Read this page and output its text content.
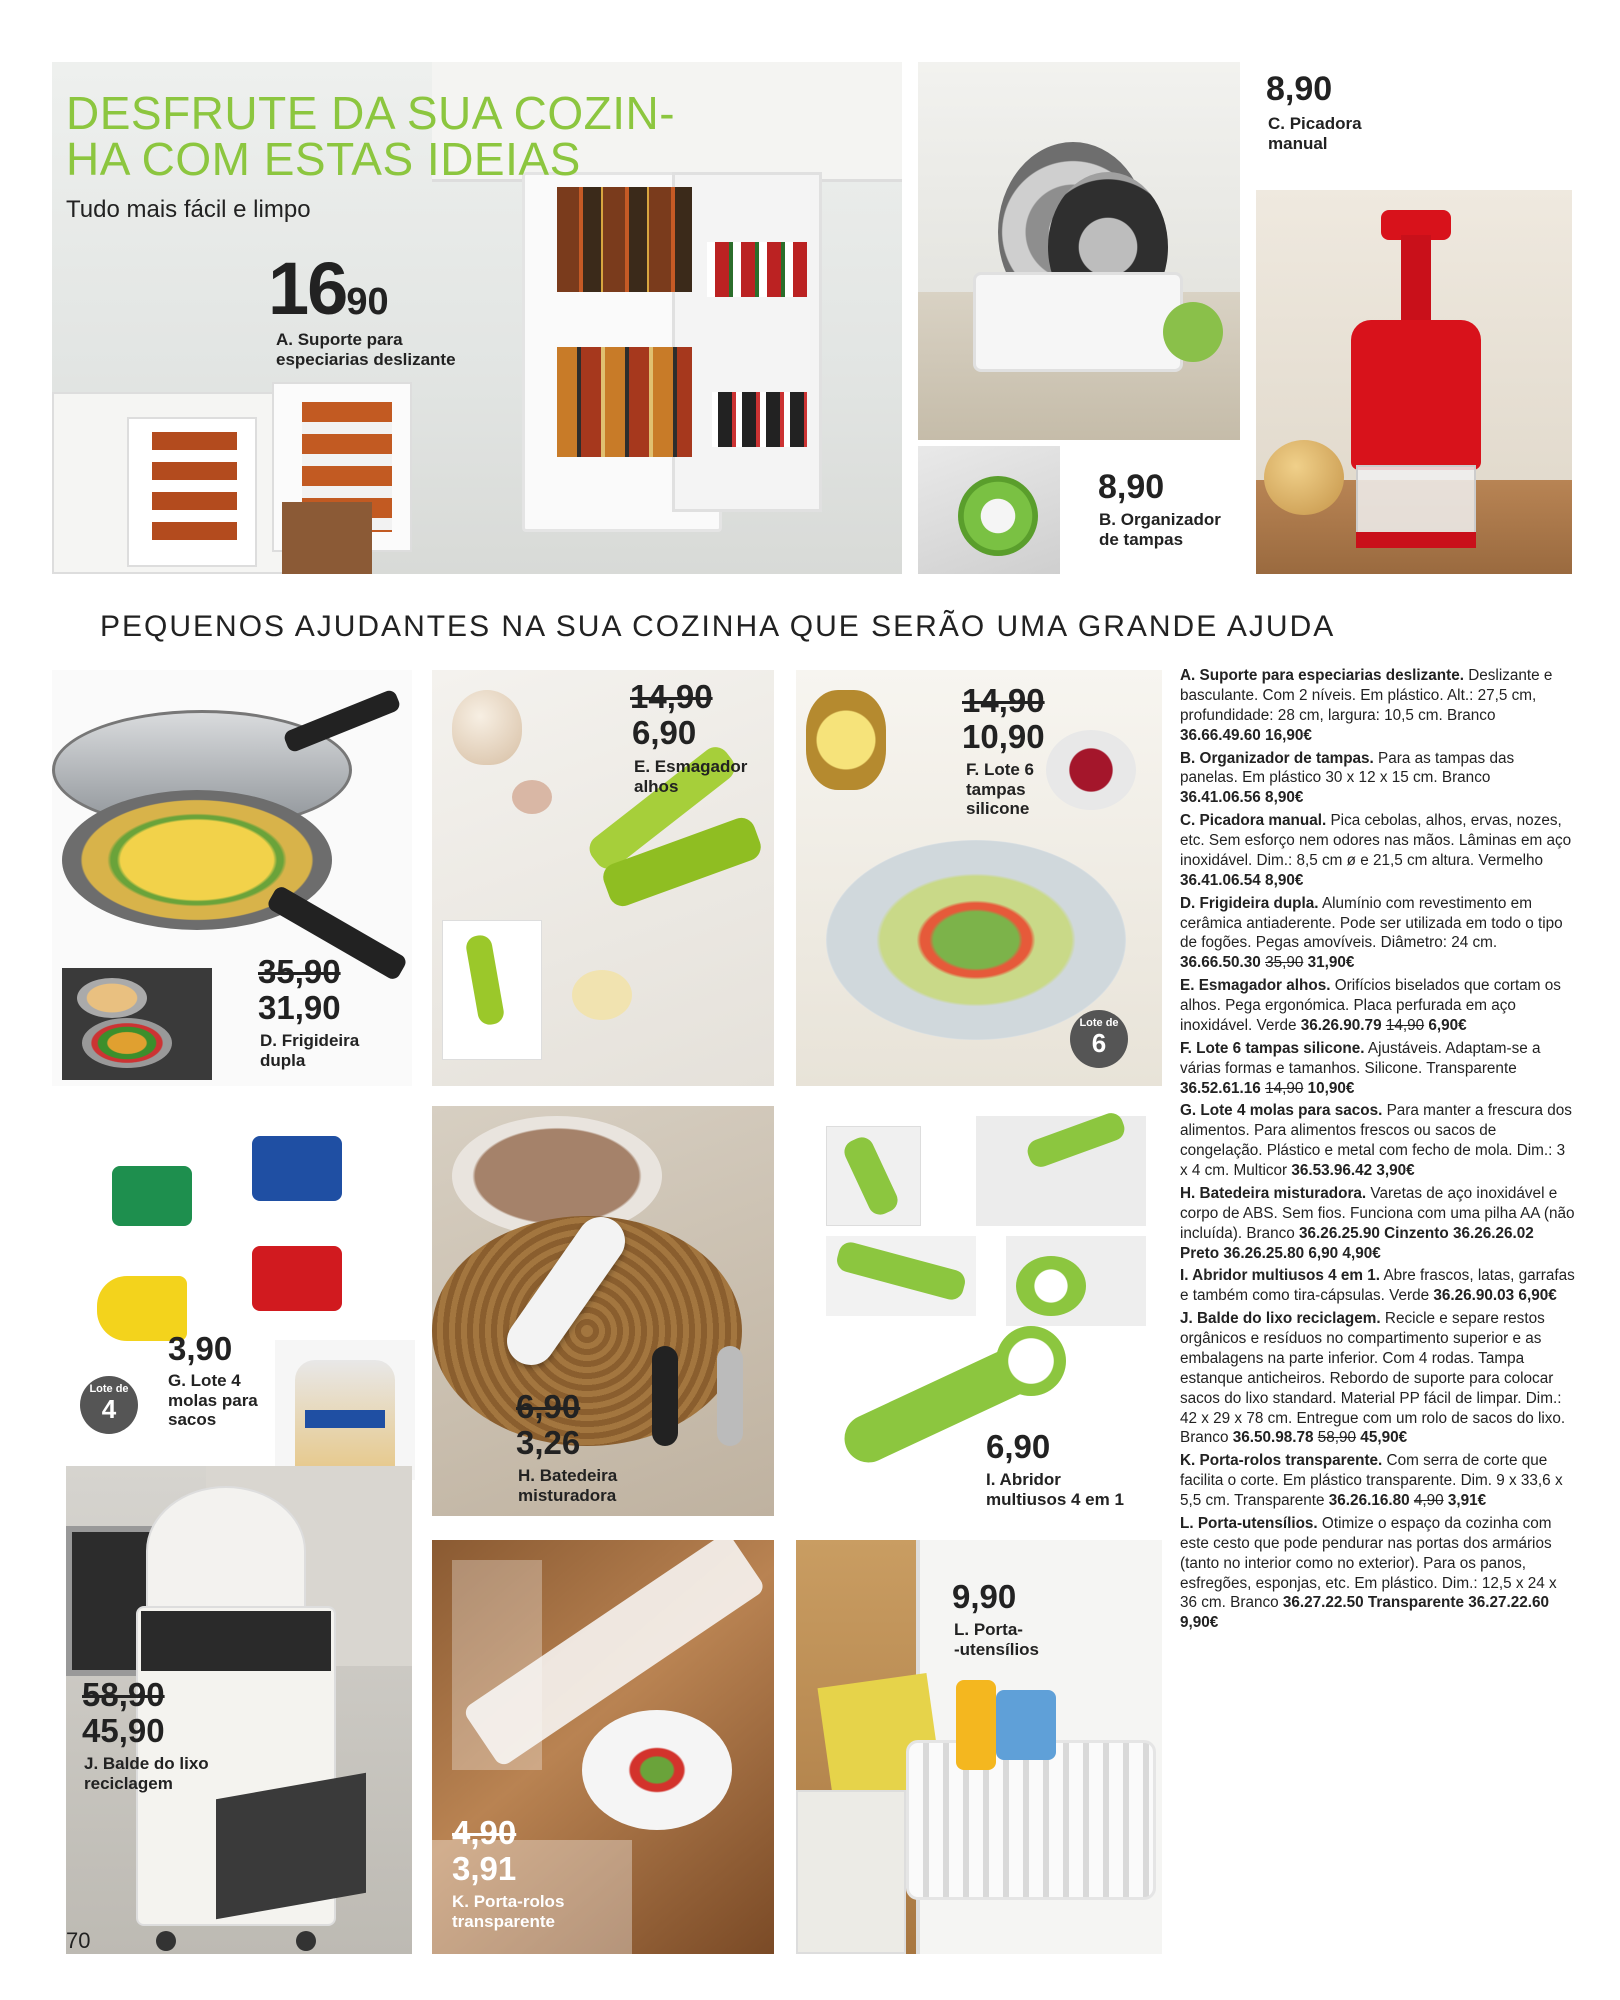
DESFRUTE DA SUA COZIN-
HA COM ESTAS IDEIAS
Tudo mais fácil e limpo
1690
A. Suporte para
especiarias deslizante
8,90
B. Organizador
de tampas
8,90
C. Picadora
manual
PEQUENOS AJUDANTES NA SUA COZINHA QUE SERÃO UMA GRANDE AJUDA
35,90
31,90
D. Frigideira
dupla
14,90
6,90
E. Esmagador
alhos
Lote de
6
14,90
10,90
F. Lote 6
tampas
silicone
Lote de
4
3,90
G. Lote 4
molas para
sacos	6,90
3,26
H. Batedeira
misturadora
6,90
I. Abridor
multiusos 4 em 1
58,90
45,90
J. Balde do lixo
reciclagem
4,90
3,91
K. Porta-rolos
transparente
9,90
L. Porta-
-utensílios
70

A. Suporte para especiarias deslizante. Deslizante e basculante. Com 2 níveis. Em plástico. Alt.: 27,5 cm, profundidade: 28 cm, largura: 10,5 cm. Branco 36.66.49.60 16,90€

B. Organizador de tampas. Para as tampas das panelas. Em plástico 30 x 12 x 15 cm. Branco 36.41.06.56 8,90€

C. Picadora manual. Pica cebolas, alhos, ervas, nozes, etc. Sem esforço nem odores nas mãos. Lâminas em aço inoxidável. Dim.: 8,5 cm ø e 21,5 cm altura. Vermelho 36.41.06.54 8,90€

D. Frigideira dupla. Alumínio com revestimento em cerâmica antiaderente. Pode ser utilizada em todo o tipo de fogões. Pegas amovíveis. Diâmetro: 24 cm. 36.66.50.30 35,90 31,90€

E. Esmagador alhos. Orifícios biselados que cortam os alhos. Pega ergonómica. Placa perfurada em aço inoxidável. Verde 36.26.90.79 14,90 6,90€

F. Lote 6 tampas silicone. Ajustáveis. Adaptam-se a várias formas e tamanhos. Silicone. Transparente 36.52.61.16 14,90 10,90€

G. Lote 4 molas para sacos. Para manter a frescura dos alimentos. Para alimentos frescos ou sacos de congelação. Plástico e metal com fecho de mola. Dim.: 3 x 4 cm. Multicor 36.53.96.42 3,90€

H. Batedeira misturadora. Varetas de aço inoxidável e corpo de ABS. Sem fios. Funciona com uma pilha AA (não incluída). Branco 36.26.25.90 Cinzento 36.26.26.02 Preto 36.26.25.80 6,90 4,90€

I. Abridor multiusos 4 em 1. Abre frascos, latas, garrafas e também como tira-cápsulas. Verde 36.26.90.03 6,90€

J. Balde do lixo reciclagem. Recicle e separe restos orgânicos e resíduos no compartimento superior e as embalagens na parte inferior. Com 4 rodas. Tampa estanque anticheiros. Rebordo de suporte para colocar sacos do lixo standard. Material PP fácil de limpar. Dim.: 42 x 29 x 78 cm. Entregue com um rolo de sacos do lixo. Branco 36.50.98.78 58,90 45,90€

K. Porta-rolos transparente. Com serra de corte que facilita o corte. Em plástico transparente. Dim. 9 x 33,6 x 5,5 cm. Transparente 36.26.16.80 4,90 3,91€

L. Porta-utensílios. Otimize o espaço da cozinha com este cesto que pode pendurar nas portas dos armários (tanto no interior como no exterior). Para os panos, esfregões, esponjas, etc. Em plástico. Dim.: 12,5 x 24 x 36 cm. Branco 36.27.22.50 Transparente 36.27.22.60 9,90€
